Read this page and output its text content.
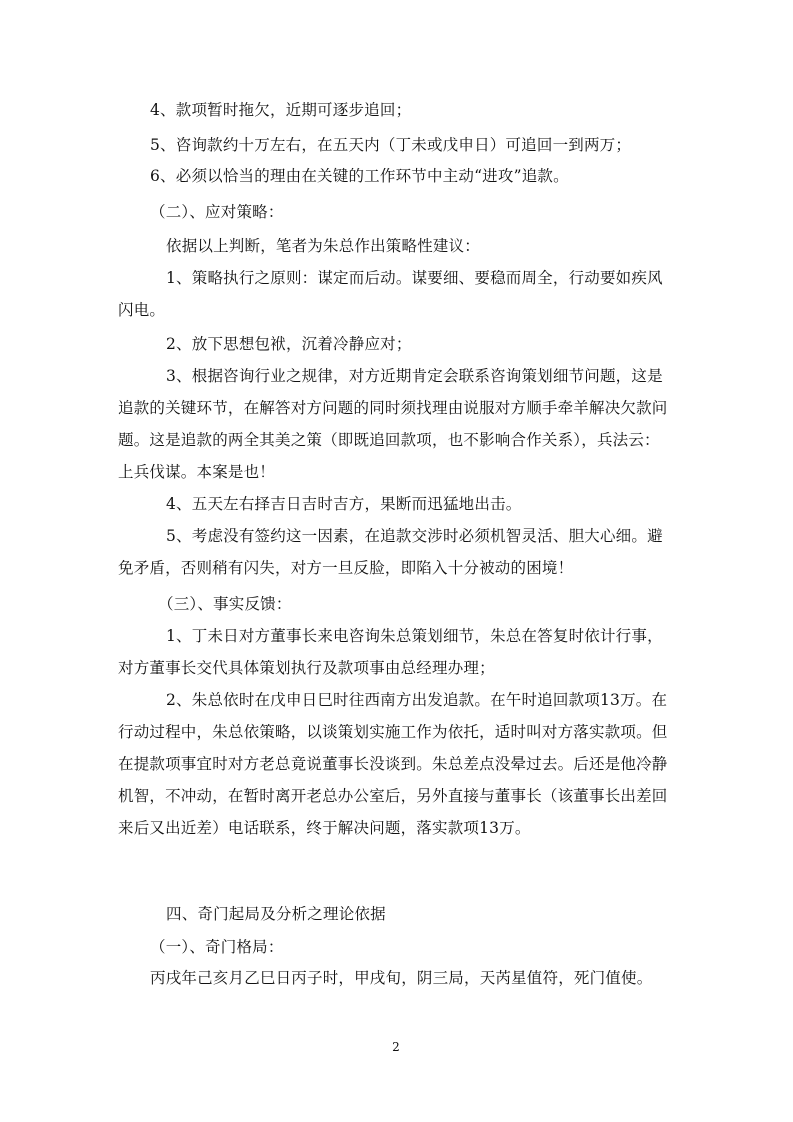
4、款项暂时拖欠，近期可逐步追回；
5、咨询款约十万左右，在五天内（丁未或戊申日）可追回一到两万；
6、必须以恰当的理由在关键的工作环节中主动“进攻”追款。
（二）、应对策略：
依据以上判断，笔者为朱总作出策略性建议：
1、策略执行之原则：谋定而后动。谋要细、要稳而周全，行动要如疾风
闪电。
2、放下思想包袱，沉着冷静应对；
3、根据咨询行业之规律，对方近期肯定会联系咨询策划细节问题，这是
追款的关键环节，在解答对方问题的同时须找理由说服对方顺手牵羊解决欠款问
题。这是追款的两全其美之策（即既追回款项，也不影响合作关系），兵法云：
上兵伐谋。本案是也！
4、五天左右择吉日吉时吉方，果断而迅猛地出击。
5、考虑没有签约这一因素，在追款交涉时必须机智灵活、胆大心细。避
免矛盾，否则稍有闪失，对方一旦反脸，即陷入十分被动的困境！
（三）、事实反馈：
1、丁未日对方董事长来电咨询朱总策划细节，朱总在答复时依计行事，
对方董事长交代具体策划执行及款项事由总经理办理；
2、朱总依时在戊申日巳时往西南方出发追款。在午时追回款项13万。在
行动过程中，朱总依策略，以谈策划实施工作为依托，适时叫对方落实款项。但
在提款项事宜时对方老总竟说董事长没谈到。朱总差点没晕过去。后还是他冷静
机智，不冲动，在暂时离开老总办公室后，另外直接与董事长（该董事长出差回
来后又出近差）电话联系，终于解决问题，落实款项13万。
四、奇门起局及分析之理论依据
（一）、奇门格局：
丙戌年己亥月乙巳日丙子时，甲戌旬，阴三局，天芮星值符，死门值使。
2
